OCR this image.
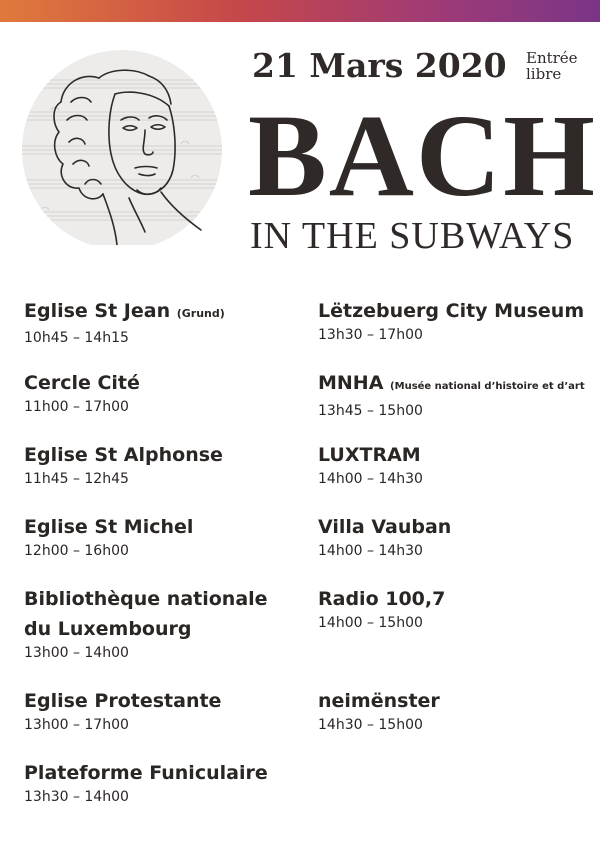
21 Mars 2020 Entrée
libre
BACH
IN THE SUBWAYS
Eglise St Jean (Grund)
10h45 – 14h15
Cercle Cité
11h00 – 17h00
Eglise St Alphonse
11h45 – 12h45
Eglise St Michel
12h00 – 16h00
Bibliothèque nationale
du Luxembourg
13h00 – 14h00
Eglise Protestante
13h00 – 17h00
Plateforme Funiculaire
13h30 – 14h00
Lëtzebuerg City Museum
13h30 – 17h00
MNHA (Musée national d’histoire et d’art
13h45 – 15h00
LUXTRAM
14h00 – 14h30
Villa Vauban
14h00 – 14h30
Radio 100,7
14h00 – 15h00
neimënster
14h30 – 15h00
